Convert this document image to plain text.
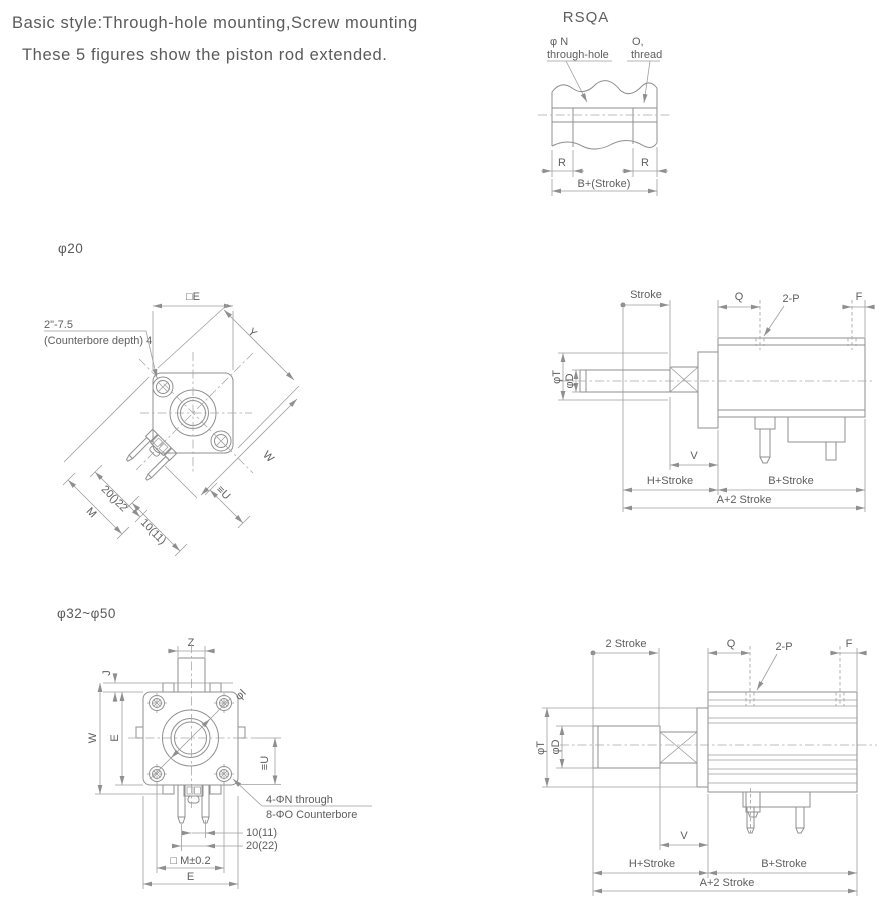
Basic style:Through-hole mounting,Screw mounting
These 5 figures show the piston rod extended.
φ20
φ32~φ50
RSQA
φ N
through-hole
O,
thread
R	R
B+(Stroke)
□E
2"-7.5
(Counterbore depth) 4
Y
W
≡U
M 20()22
10(11)
Stroke	Q	2-P	F
φT φD
V
H+Stroke	B+Stroke
A+2 Stroke
Z
J
W E
φI
≡U
4-ΦN through
8-ΦO Counterbore
10(11)
20(22)
□ M±0.2
E
2 Stroke	Q	2-P	F
φT φD
V
H+Stroke	B+Stroke
A+2 Stroke
